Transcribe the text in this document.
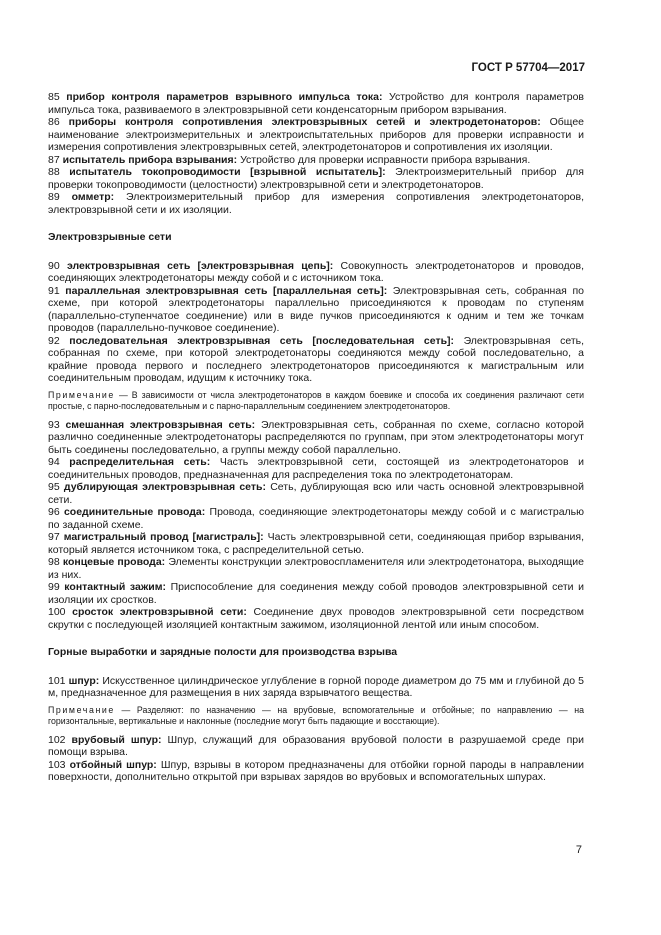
ГОСТ Р 57704—2017

85 прибор контроля параметров взрывного импульса тока: Устройство для контроля параметров импульса тока, развиваемого в электровзрывной сети конденсаторным прибором взрывания.

86 приборы контроля сопротивления электровзрывных сетей и электродетонаторов: Общее наименование электроизмерительных и электроиспытательных приборов для проверки исправности и измерения сопротивления электровзрывных сетей, электродетонаторов и сопротивления их изоляции.

87 испытатель прибора взрывания: Устройство для проверки исправности прибора взрывания.

88 испытатель токопроводимости [взрывной испытатель]: Электроизмерительный прибор для проверки токопроводимости (целостности) электровзрывной сети и электродетонаторов.

89 омметр: Электроизмерительный прибор для измерения сопротивления электродетонаторов, электровзрывной сети и их изоляции.

Электровзрывные сети

90 электровзрывная сеть [электровзрывная цепь]: Совокупность электродетонаторов и проводов, соединяющих электродетонаторы между собой и с источником тока.

91 параллельная электровзрывная сеть [параллельная сеть]: Электровзрывная сеть, собранная по схеме, при которой электродетонаторы параллельно присоединяются к проводам по ступеням (параллельно-ступенчатое соединение) или в виде пучков присоединяются к одним и тем же точкам проводов (параллельно-пучковое соединение).

92 последовательная электровзрывная сеть [последовательная сеть]: Электровзрывная сеть, собранная по схеме, при которой электродетонаторы соединяются между собой последовательно, а крайние провода первого и последнего электродетонаторов присоединяются к магистральным или соединительным проводам, идущим к источнику тока.

Примечание — В зависимости от числа электродетонаторов в каждом боевике и способа их соединения различают сети простые, с парно-последовательным и с парно-параллельным соединением электродетонаторов.

93 смешанная электровзрывная сеть: Электровзрывная сеть, собранная по схеме, согласно которой различно соединенные электродетонаторы распределяются по группам, при этом электродетонаторы могут быть соединены последовательно, а группы между собой параллельно.

94 распределительная сеть: Часть электровзрывной сети, состоящей из электродетонаторов и соединительных проводов, предназначенная для распределения тока по электродетонаторам.

95 дублирующая электровзрывная сеть: Сеть, дублирующая всю или часть основной электровзрывной сети.

96 соединительные провода: Провода, соединяющие электродетонаторы между собой и с магистралью по заданной схеме.

97 магистральный провод [магистраль]: Часть электровзрывной сети, соединяющая прибор взрывания, который является источником тока, с распределительной сетью.

98 концевые провода: Элементы конструкции электровоспламенителя или электродетонатора, выходящие из них.

99 контактный зажим: Приспособление для соединения между собой проводов электровзрывной сети и изоляции их сростков.

100 сросток электровзрывной сети: Соединение двух проводов электровзрывной сети посредством скрутки с последующей изоляцией контактным зажимом, изоляционной лентой или иным способом.

Горные выработки и зарядные полости для производства взрыва

101 шпур: Искусственное цилиндрическое углубление в горной породе диаметром до 75 мм и глубиной до 5 м, предназначенное для размещения в них заряда взрывчатого вещества.

Примечание — Разделяют: по назначению — на врубовые, вспомогательные и отбойные; по направлению — на горизонтальные, вертикальные и наклонные (последние могут быть падающие и восстающие).

102 врубовый шпур: Шпур, служащий для образования врубовой полости в разрушаемой среде при помощи взрыва.

103 отбойный шпур: Шпур, взрывы в котором предназначены для отбойки горной пароды в направлении поверхности, дополнительно открытой при взрывах зарядов во врубовых и вспомогательных шпурах.

7
